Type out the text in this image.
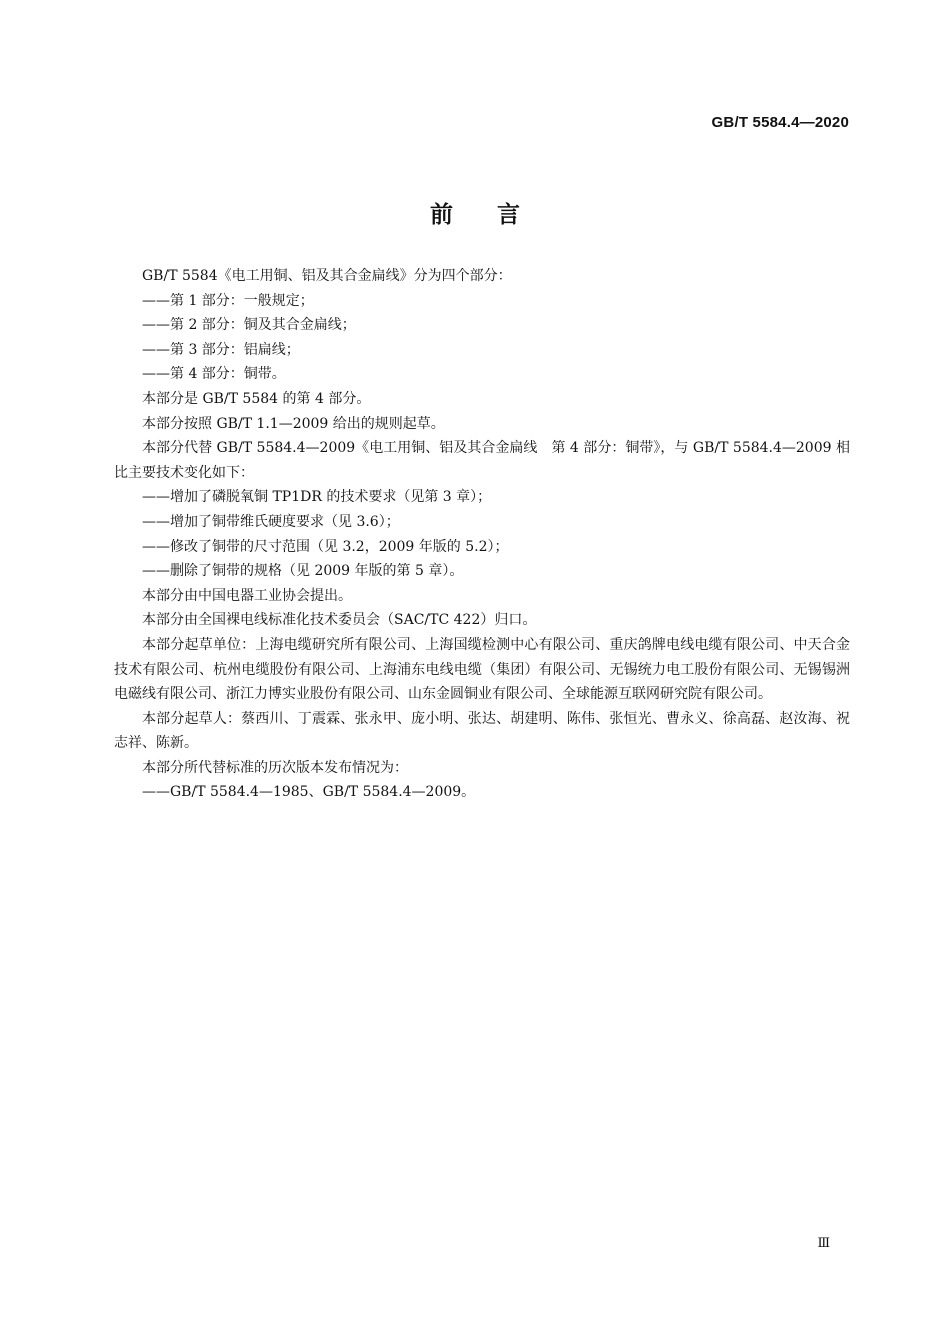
GB/T 5584.4—2020
前 言

GB/T 5584《电工用铜、铝及其合金扁线》分为四个部分：

——第 1 部分：一般规定；

——第 2 部分：铜及其合金扁线；

——第 3 部分：铝扁线；

——第 4 部分：铜带。

本部分是 GB/T 5584 的第 4 部分。

本部分按照 GB/T 1.1—2009 给出的规则起草。

本部分代替 GB/T 5584.4—2009《电工用铜、铝及其合金扁线　第 4 部分：铜带》，与 GB/T 5584.4—2009 相比主要技术变化如下：

——增加了磷脱氧铜 TP1DR 的技术要求（见第 3 章）；

——增加了铜带维氏硬度要求（见 3.6）；

——修改了铜带的尺寸范围（见 3.2，2009 年版的 5.2）；

——删除了铜带的规格（见 2009 年版的第 5 章）。

本部分由中国电器工业协会提出。

本部分由全国裸电线标准化技术委员会（SAC/TC 422）归口。

本部分起草单位：上海电缆研究所有限公司、上海国缆检测中心有限公司、重庆鸽牌电线电缆有限公司、中天合金技术有限公司、杭州电缆股份有限公司、上海浦东电线电缆（集团）有限公司、无锡统力电工股份有限公司、无锡锡洲电磁线有限公司、浙江力博实业股份有限公司、山东金圆铜业有限公司、全球能源互联网研究院有限公司。

本部分起草人：蔡西川、丁震霖、张永甲、庞小明、张达、胡建明、陈伟、张恒光、曹永义、徐高磊、赵汝海、祝志祥、陈新。

本部分所代替标准的历次版本发布情况为：

——GB/T 5584.4—1985、GB/T 5584.4—2009。

Ⅲ
